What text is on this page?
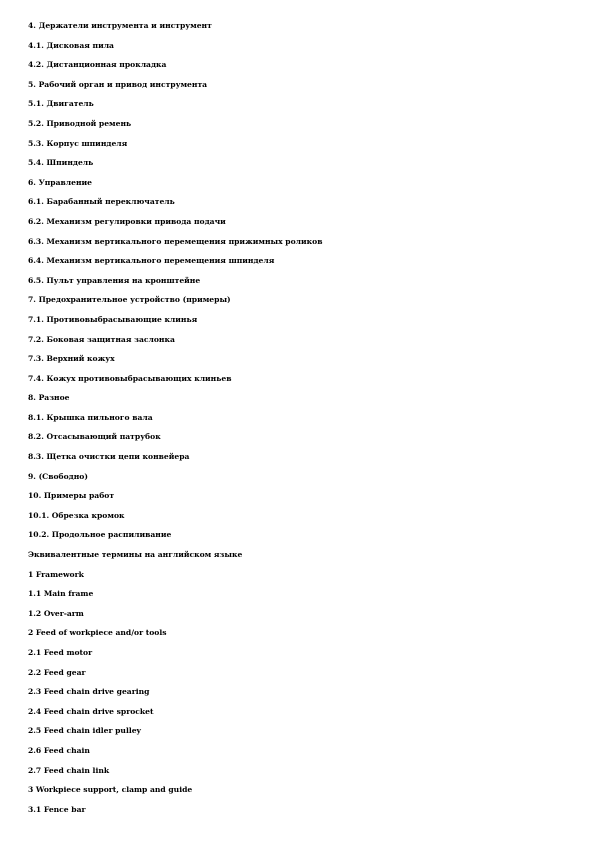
4. Держатели инструмента и инструмент
4.1. Дисковая пила
4.2. Дистанционная прокладка
5. Рабочий орган и привод инструмента
5.1. Двигатель
5.2. Приводной ремень
5.3. Корпус шпинделя
5.4. Шпиндель
6. Управление
6.1. Барабанный переключатель
6.2. Механизм регулировки привода подачи
6.3. Механизм вертикального перемещения прижимных роликов
6.4. Механизм вертикального перемещения шпинделя
6.5. Пульт управления на кронштейне
7. Предохранительное устройство (примеры)
7.1. Противовыбрасывающие клинья
7.2. Боковая защитная заслонка
7.3. Верхний кожух
7.4. Кожух противовыбрасывающих клиньев
8. Разное
8.1. Крышка пильного вала
8.2. Отсасывающий патрубок
8.3. Щетка очистки цепи конвейера
9. (Свободно)
10. Примеры работ
10.1. Обрезка кромок
10.2. Продольное распиливание
Эквивалентные термины на английском языке
1 Framework
1.1 Main frame
1.2 Over-arm
2 Feed of workpiece and/or tools
2.1 Feed motor
2.2 Feed gear
2.3 Feed chain drive gearing
2.4 Feed chain drive sprocket
2.5 Feed chain idler pulley
2.6 Feed chain
2.7 Feed chain link
3 Workpiece support, clamp and guide
3.1 Fence bar
